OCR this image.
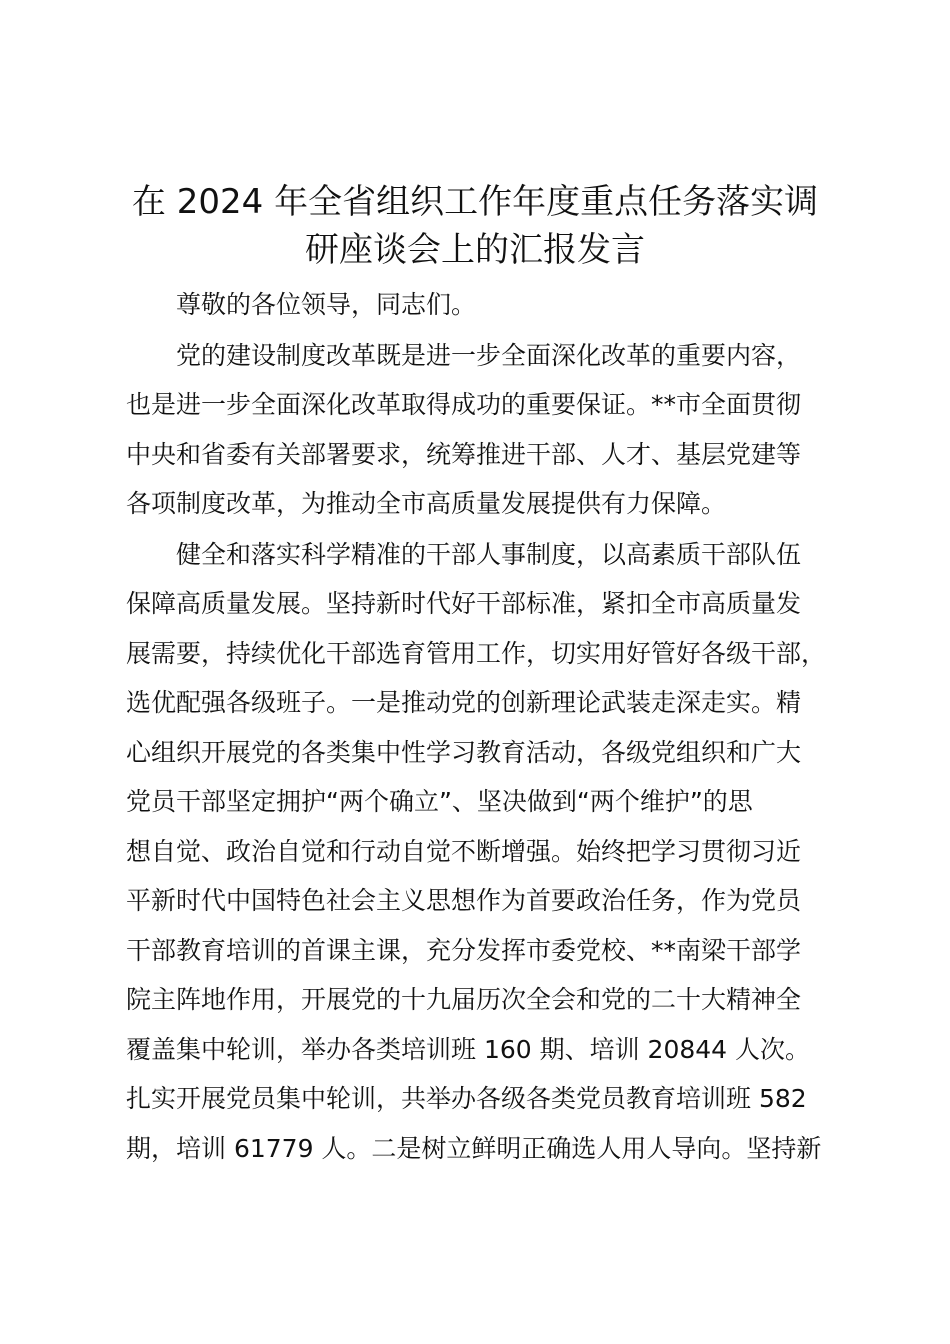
在 2024 年全省组织工作年度重点任务落实调
研座谈会上的汇报发言
尊敬的各位领导，同志们。
党的建设制度改革既是进一步全面深化改革的重要内容，
也是进一步全面深化改革取得成功的重要保证。**市全面贯彻
中央和省委有关部署要求，统筹推进干部、人才、基层党建等
各项制度改革，为推动全市高质量发展提供有力保障。
健全和落实科学精准的干部人事制度，以高素质干部队伍
保障高质量发展。坚持新时代好干部标准，紧扣全市高质量发
展需要，持续优化干部选育管用工作，切实用好管好各级干部，
选优配强各级班子。一是推动党的创新理论武装走深走实。精
心组织开展党的各类集中性学习教育活动，各级党组织和广大
党员干部坚定拥护“两个确立”、坚决做到“两个维护”的思
想自觉、政治自觉和行动自觉不断增强。始终把学习贯彻习近
平新时代中国特色社会主义思想作为首要政治任务，作为党员
干部教育培训的首课主课，充分发挥市委党校、**南梁干部学
院主阵地作用，开展党的十九届历次全会和党的二十大精神全
覆盖集中轮训，举办各类培训班 160 期、培训 20844 人次。
扎实开展党员集中轮训，共举办各级各类党员教育培训班 582
期，培训 61779 人。二是树立鲜明正确选人用人导向。坚持新
